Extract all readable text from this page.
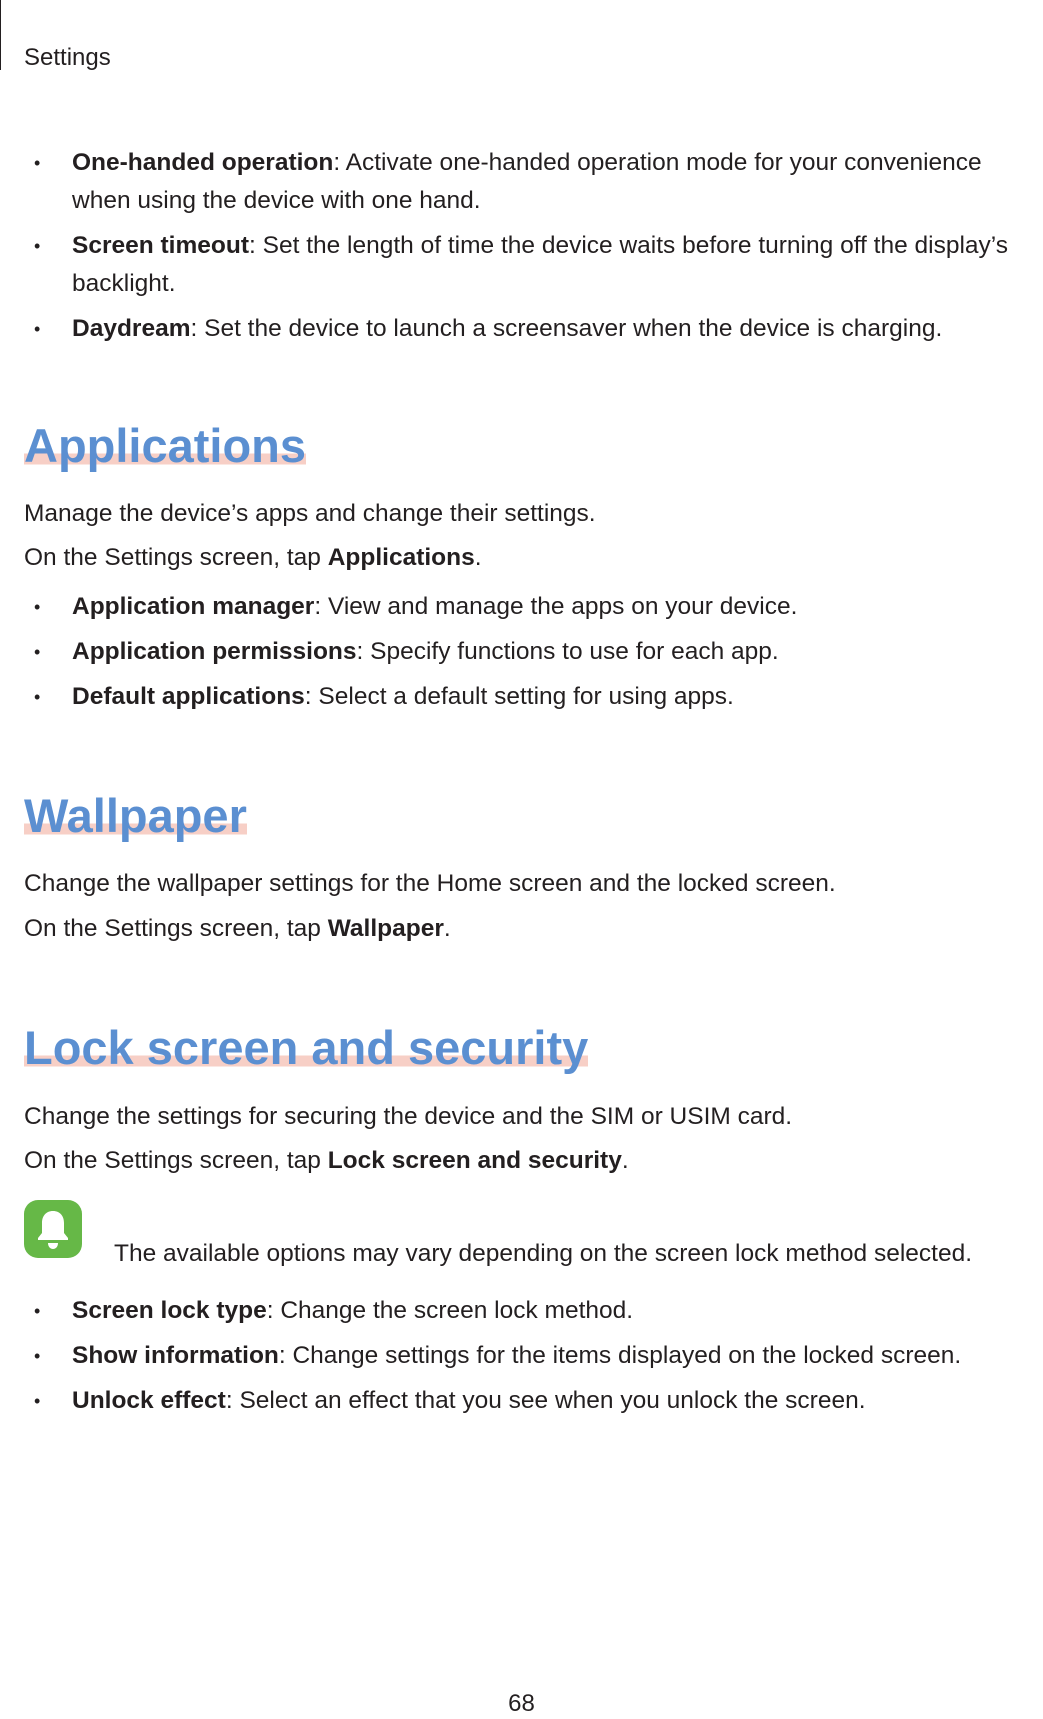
Settings
• One-handed operation: Activate one-handed operation mode for your convenience when using the device with one hand.
• Screen timeout: Set the length of time the device waits before turning off the display’s backlight.
• Daydream: Set the device to launch a screensaver when the device is charging.
Applications

Manage the device’s apps and change their settings.

On the Settings screen, tap Applications.

• Application manager: View and manage the apps on your device.
• Application permissions: Specify functions to use for each app.
• Default applications: Select a default setting for using apps.
Wallpaper

Change the wallpaper settings for the Home screen and the locked screen.

On the Settings screen, tap Wallpaper.

Lock screen and security

Change the settings for securing the device and the SIM or USIM card.

On the Settings screen, tap Lock screen and security.

The available options may vary depending on the screen lock method selected.

• Screen lock type: Change the screen lock method.
• Show information: Change settings for the items displayed on the locked screen.
• Unlock effect: Select an effect that you see when you unlock the screen.
68
